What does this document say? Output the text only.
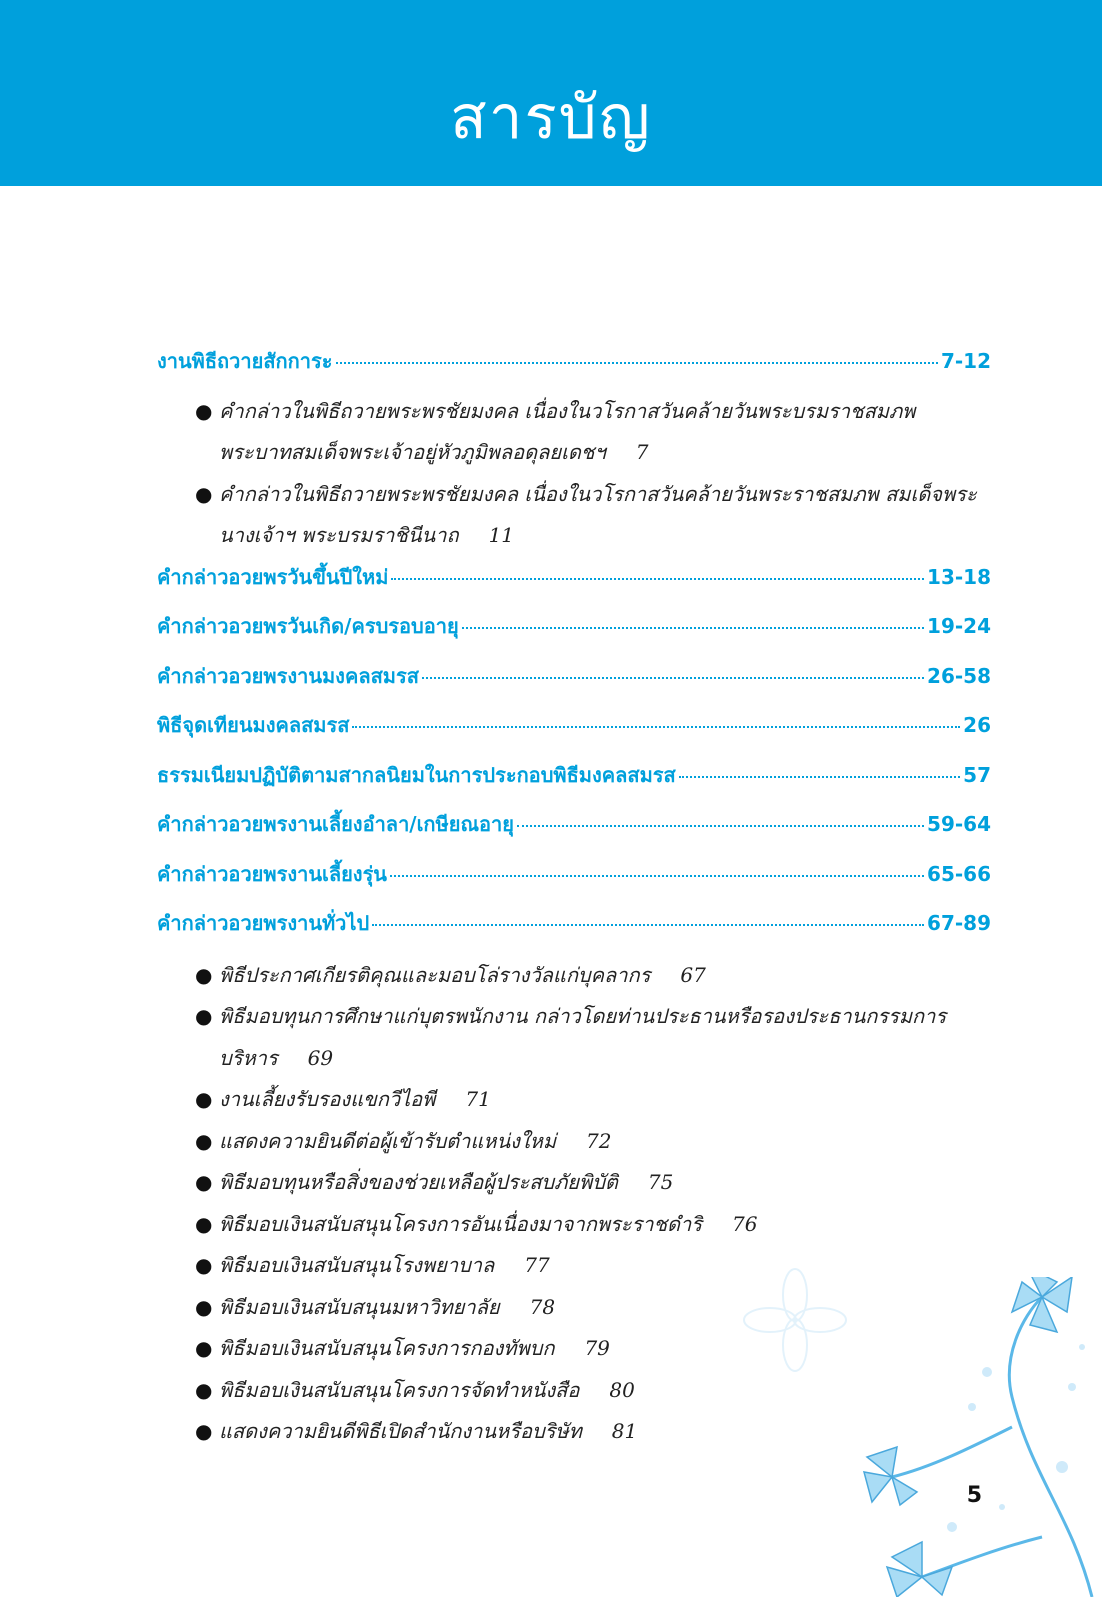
สารบัญ
งานพิธีถวายสักการะ	7-12
● คำกล่าวในพิธีถวายพระพรชัยมงคล เนื่องในวโรกาสวันคล้ายวันพระบรมราชสมภพ พระบาทสมเด็จพระเจ้าอยู่หัวภูมิพลอดุลยเดชฯ 7
● คำกล่าวในพิธีถวายพระพรชัยมงคล เนื่องในวโรกาสวันคล้ายวันพระราชสมภพ สมเด็จพระนางเจ้าฯ พระบรมราชินีนาถ 11
คำกล่าวอวยพรวันขึ้นปีใหม่	13-18
คำกล่าวอวยพรวันเกิด/ครบรอบอายุ	19-24
คำกล่าวอวยพรงานมงคลสมรส	26-58
พิธีจุดเทียนมงคลสมรส	26
ธรรมเนียมปฏิบัติตามสากลนิยมในการประกอบพิธีมงคลสมรส	57
คำกล่าวอวยพรงานเลี้ยงอำลา/เกษียณอายุ	59-64
คำกล่าวอวยพรงานเลี้ยงรุ่น	65-66
คำกล่าวอวยพรงานทั่วไป	67-89
● พิธีประกาศเกียรติคุณและมอบโล่รางวัลแก่บุคลากร 67
● พิธีมอบทุนการศึกษาแก่บุตรพนักงาน กล่าวโดยท่านประธานหรือรองประธานกรรมการบริหาร 69
● งานเลี้ยงรับรองแขกวีไอพี 71
● แสดงความยินดีต่อผู้เข้ารับตำแหน่งใหม่ 72
● พิธีมอบทุนหรือสิ่งของช่วยเหลือผู้ประสบภัยพิบัติ 75
● พิธีมอบเงินสนับสนุนโครงการอันเนื่องมาจากพระราชดำริ 76
● พิธีมอบเงินสนับสนุนโรงพยาบาล 77
● พิธีมอบเงินสนับสนุนมหาวิทยาลัย 78
● พิธีมอบเงินสนับสนุนโครงการกองทัพบก 79
● พิธีมอบเงินสนับสนุนโครงการจัดทำหนังสือ 80
● แสดงความยินดีพิธีเปิดสำนักงานหรือบริษัท 81
5
